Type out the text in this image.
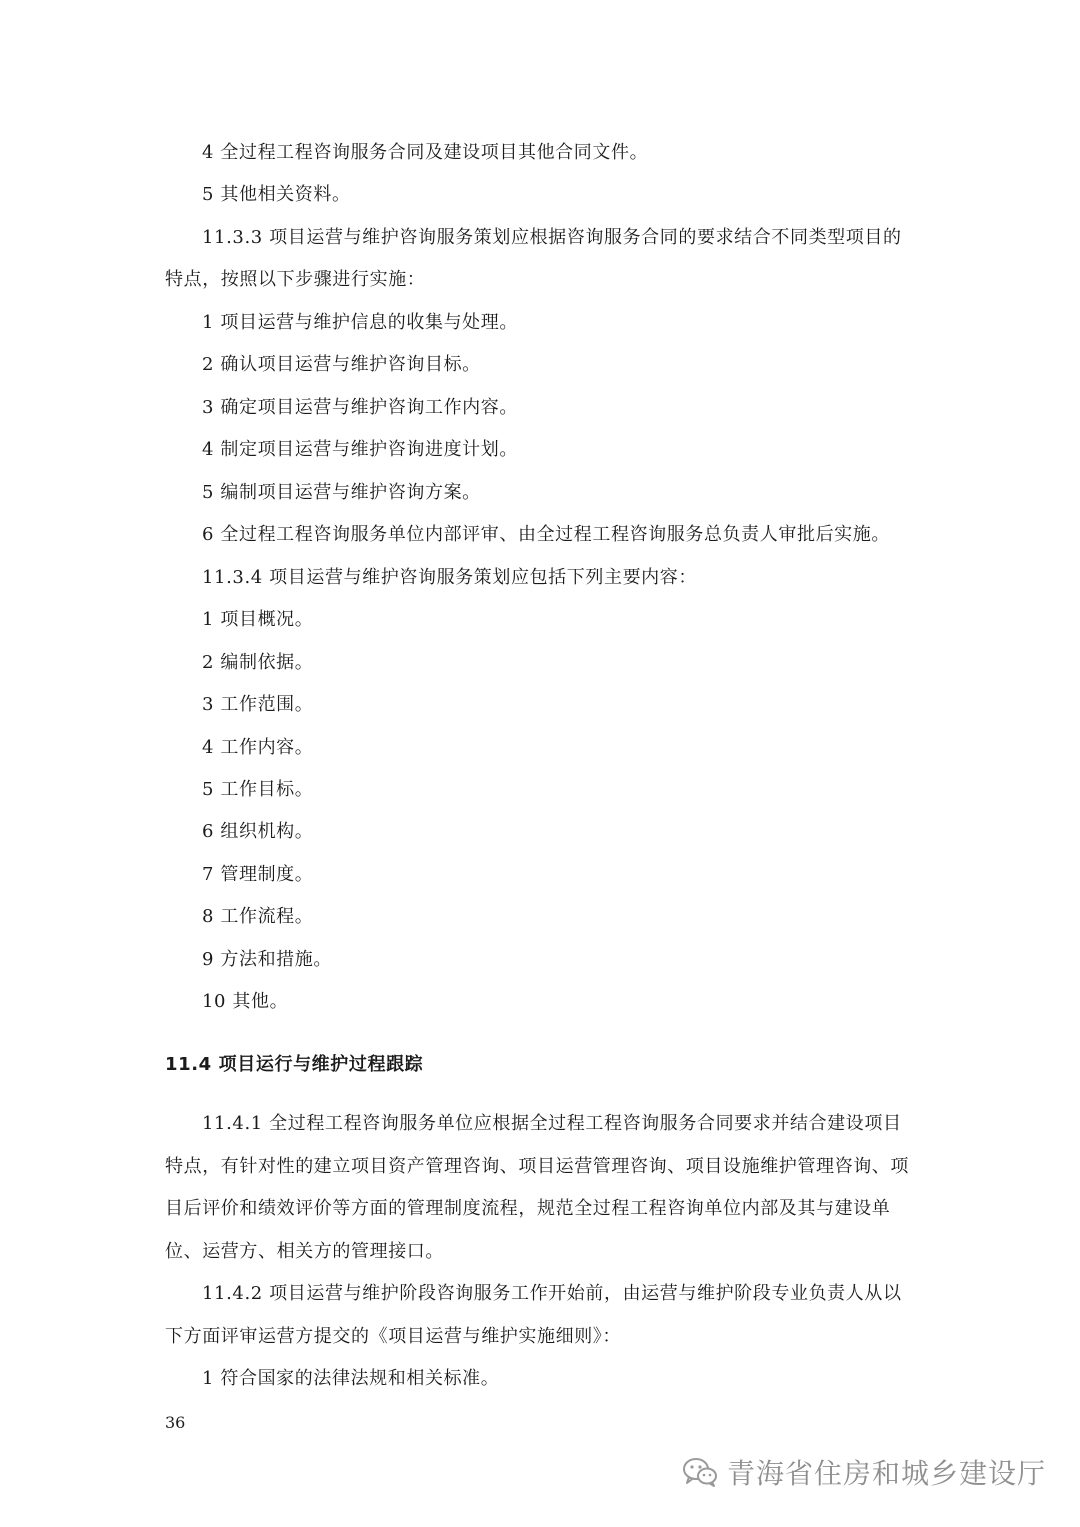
4 全过程工程咨询服务合同及建设项目其他合同文件。
5 其他相关资料。
11.3.3 项目运营与维护咨询服务策划应根据咨询服务合同的要求结合不同类型项目的
特点，按照以下步骤进行实施：
1 项目运营与维护信息的收集与处理。
2 确认项目运营与维护咨询目标。
3 确定项目运营与维护咨询工作内容。
4 制定项目运营与维护咨询进度计划。
5 编制项目运营与维护咨询方案。
6 全过程工程咨询服务单位内部评审、由全过程工程咨询服务总负责人审批后实施。
11.3.4 项目运营与维护咨询服务策划应包括下列主要内容：
1 项目概况。
2 编制依据。
3 工作范围。
4 工作内容。
5 工作目标。
6 组织机构。
7 管理制度。
8 工作流程。
9 方法和措施。
10 其他。
11.4 项目运行与维护过程跟踪
11.4.1 全过程工程咨询服务单位应根据全过程工程咨询服务合同要求并结合建设项目
特点，有针对性的建立项目资产管理咨询、项目运营管理咨询、项目设施维护管理咨询、项
目后评价和绩效评价等方面的管理制度流程，规范全过程工程咨询单位内部及其与建设单
位、运营方、相关方的管理接口。
11.4.2 项目运营与维护阶段咨询服务工作开始前，由运营与维护阶段专业负责人从以
下方面评审运营方提交的《项目运营与维护实施细则》：
1 符合国家的法律法规和相关标准。
36
青海省住房和城乡建设厅
